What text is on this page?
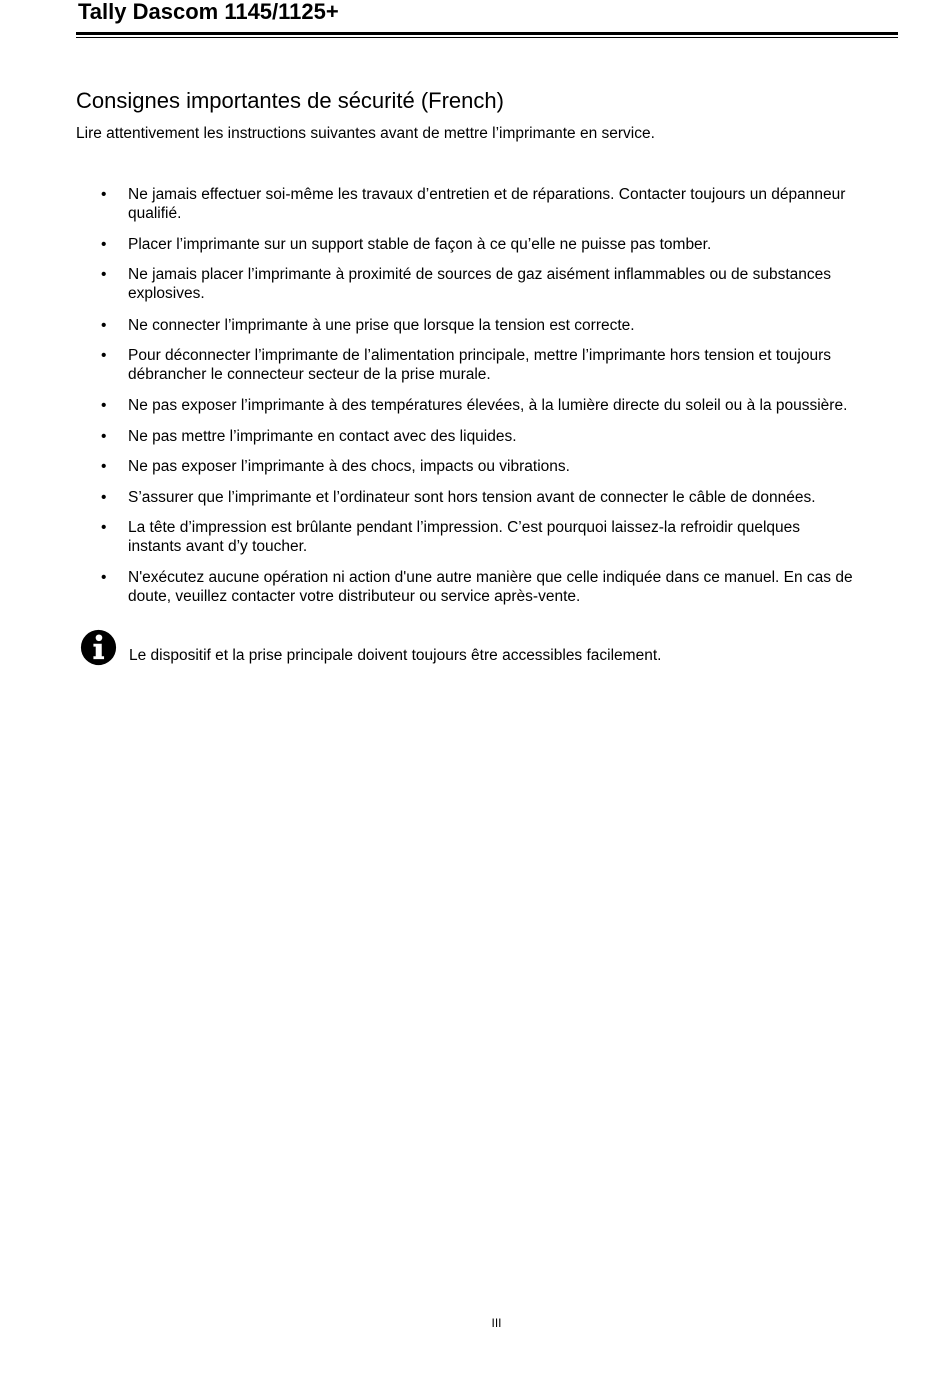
Tally Dascom 1145/1125+
Consignes importantes de sécurité (French)
Lire attentivement les instructions suivantes avant de mettre l’imprimante en service.
• Ne jamais effectuer soi-même les travaux d’entretien et de réparations. Contacter toujours un dépanneur
qualifié.
• Placer l’imprimante sur un support stable de façon à ce qu’elle ne puisse pas tomber.
• Ne jamais placer l’imprimante à proximité de sources de gaz aisément inflammables ou de substances
explosives.
• Ne connecter l’imprimante à une prise que lorsque la tension est correcte.
• Pour déconnecter l’imprimante de l’alimentation principale, mettre l’imprimante hors tension et toujours
débrancher le connecteur secteur de la prise murale.
• Ne pas exposer l’imprimante à des températures élevées, à la lumière directe du soleil ou à la poussière.
• Ne pas mettre l’imprimante en contact avec des liquides.
• Ne pas exposer l’imprimante à des chocs, impacts ou vibrations.
• S’assurer que l’imprimante et l’ordinateur sont hors tension avant de connecter le câble de données.
• La tête d’impression est brûlante pendant l’impression. C’est pourquoi laissez-la refroidir quelques
instants avant d’y toucher.
• N'exécutez aucune opération ni action d'une autre manière que celle indiquée dans ce manuel. En cas de
doute, veuillez contacter votre distributeur ou service après-vente.
Le dispositif et la prise principale doivent toujours être accessibles facilement.
III
